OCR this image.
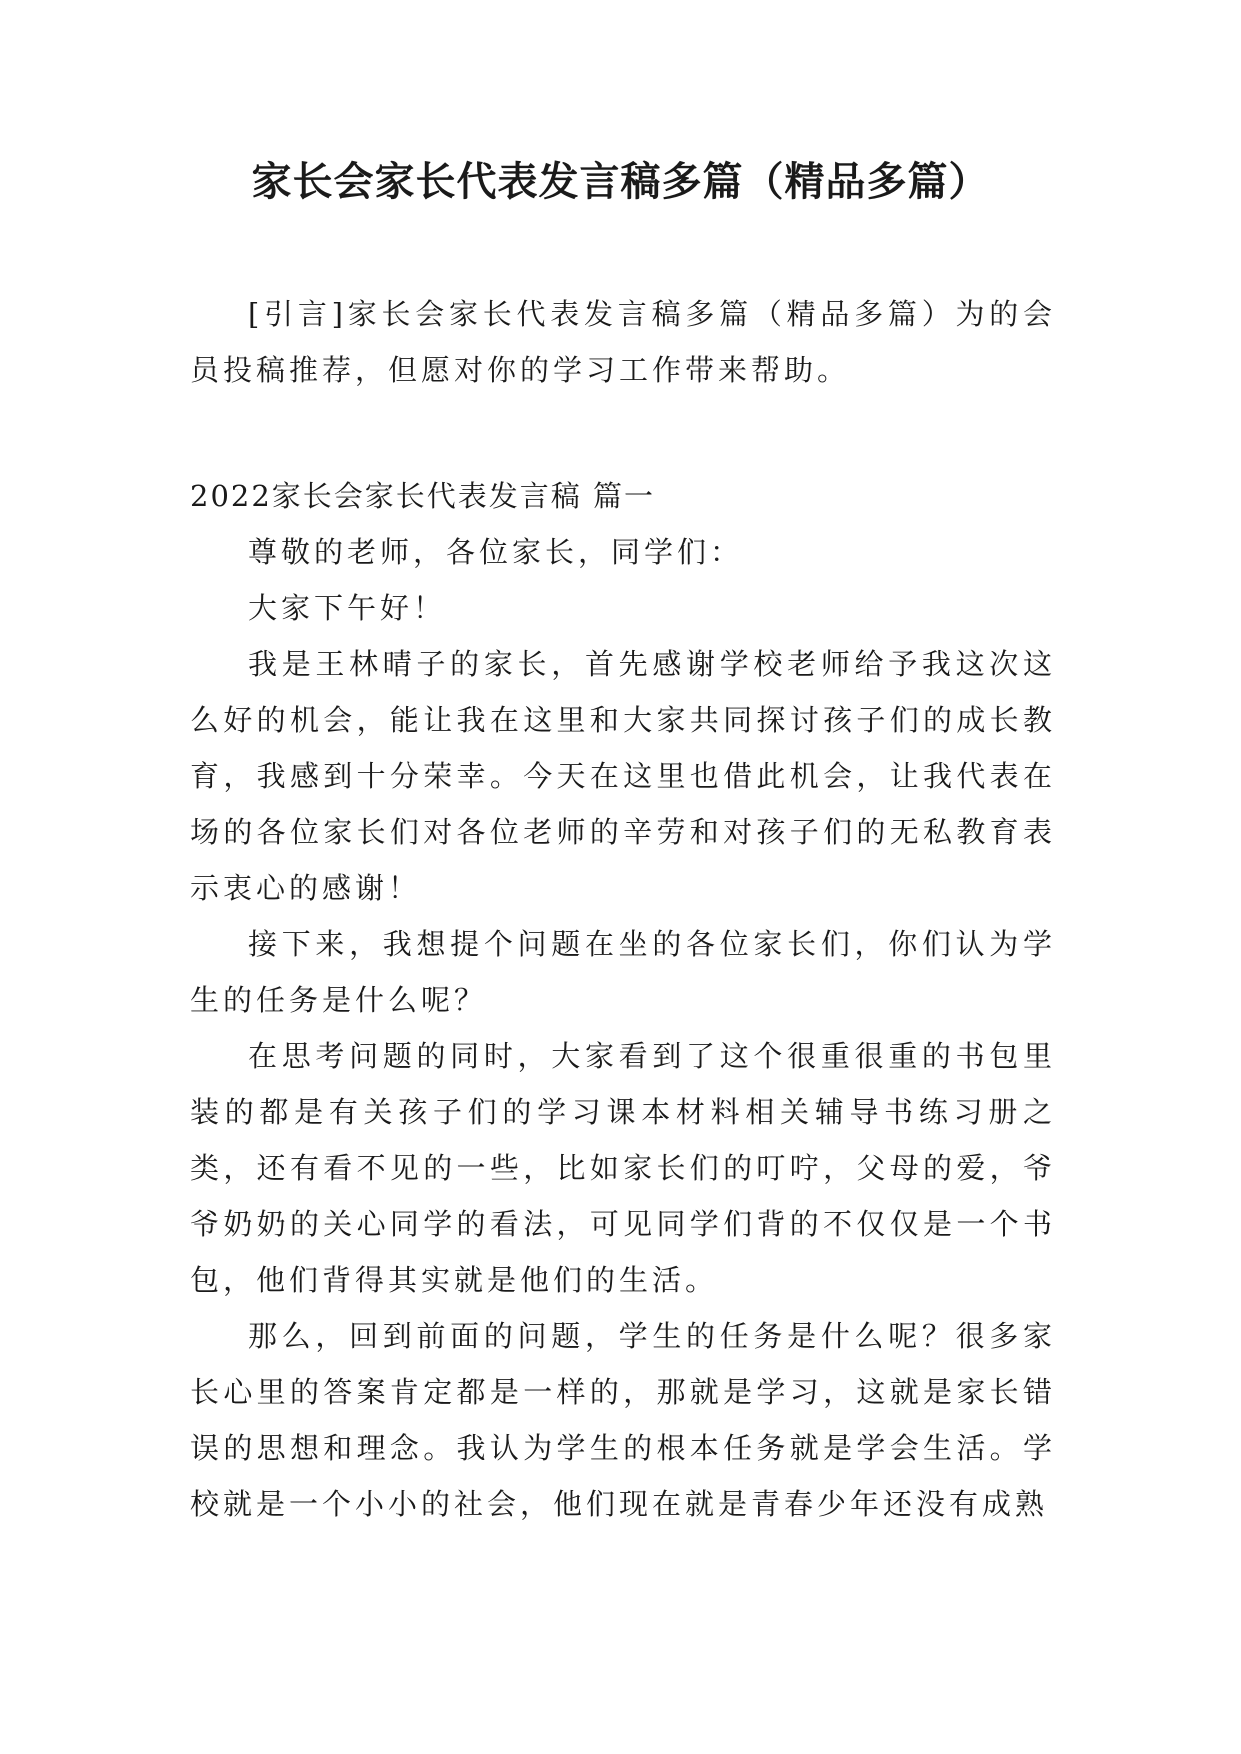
家长会家长代表发言稿多篇（精品多篇）

[引言]家长会家长代表发言稿多篇（精品多篇）为的会员投稿推荐，但愿对你的学习工作带来帮助。

2022家长会家长代表发言稿 篇一

尊敬的老师，各位家长，同学们：

大家下午好！

我是王林晴子的家长，首先感谢学校老师给予我这次这么好的机会，能让我在这里和大家共同探讨孩子们的成长教育，我感到十分荣幸。今天在这里也借此机会，让我代表在场的各位家长们对各位老师的辛劳和对孩子们的无私教育表示衷心的感谢！

接下来，我想提个问题在坐的各位家长们，你们认为学生的任务是什么呢？

在思考问题的同时，大家看到了这个很重很重的书包里装的都是有关孩子们的学习课本材料相关辅导书练习册之类，还有看不见的一些，比如家长们的叮咛，父母的爱，爷爷奶奶的关心同学的看法，可见同学们背的不仅仅是一个书包，他们背得其实就是他们的生活。

那么，回到前面的问题，学生的任务是什么呢？很多家长心里的答案肯定都是一样的，那就是学习，这就是家长错误的思想和理念。我认为学生的根本任务就是学会生活。学校就是一个小小的社会，他们现在就是青春少年还没有成熟
